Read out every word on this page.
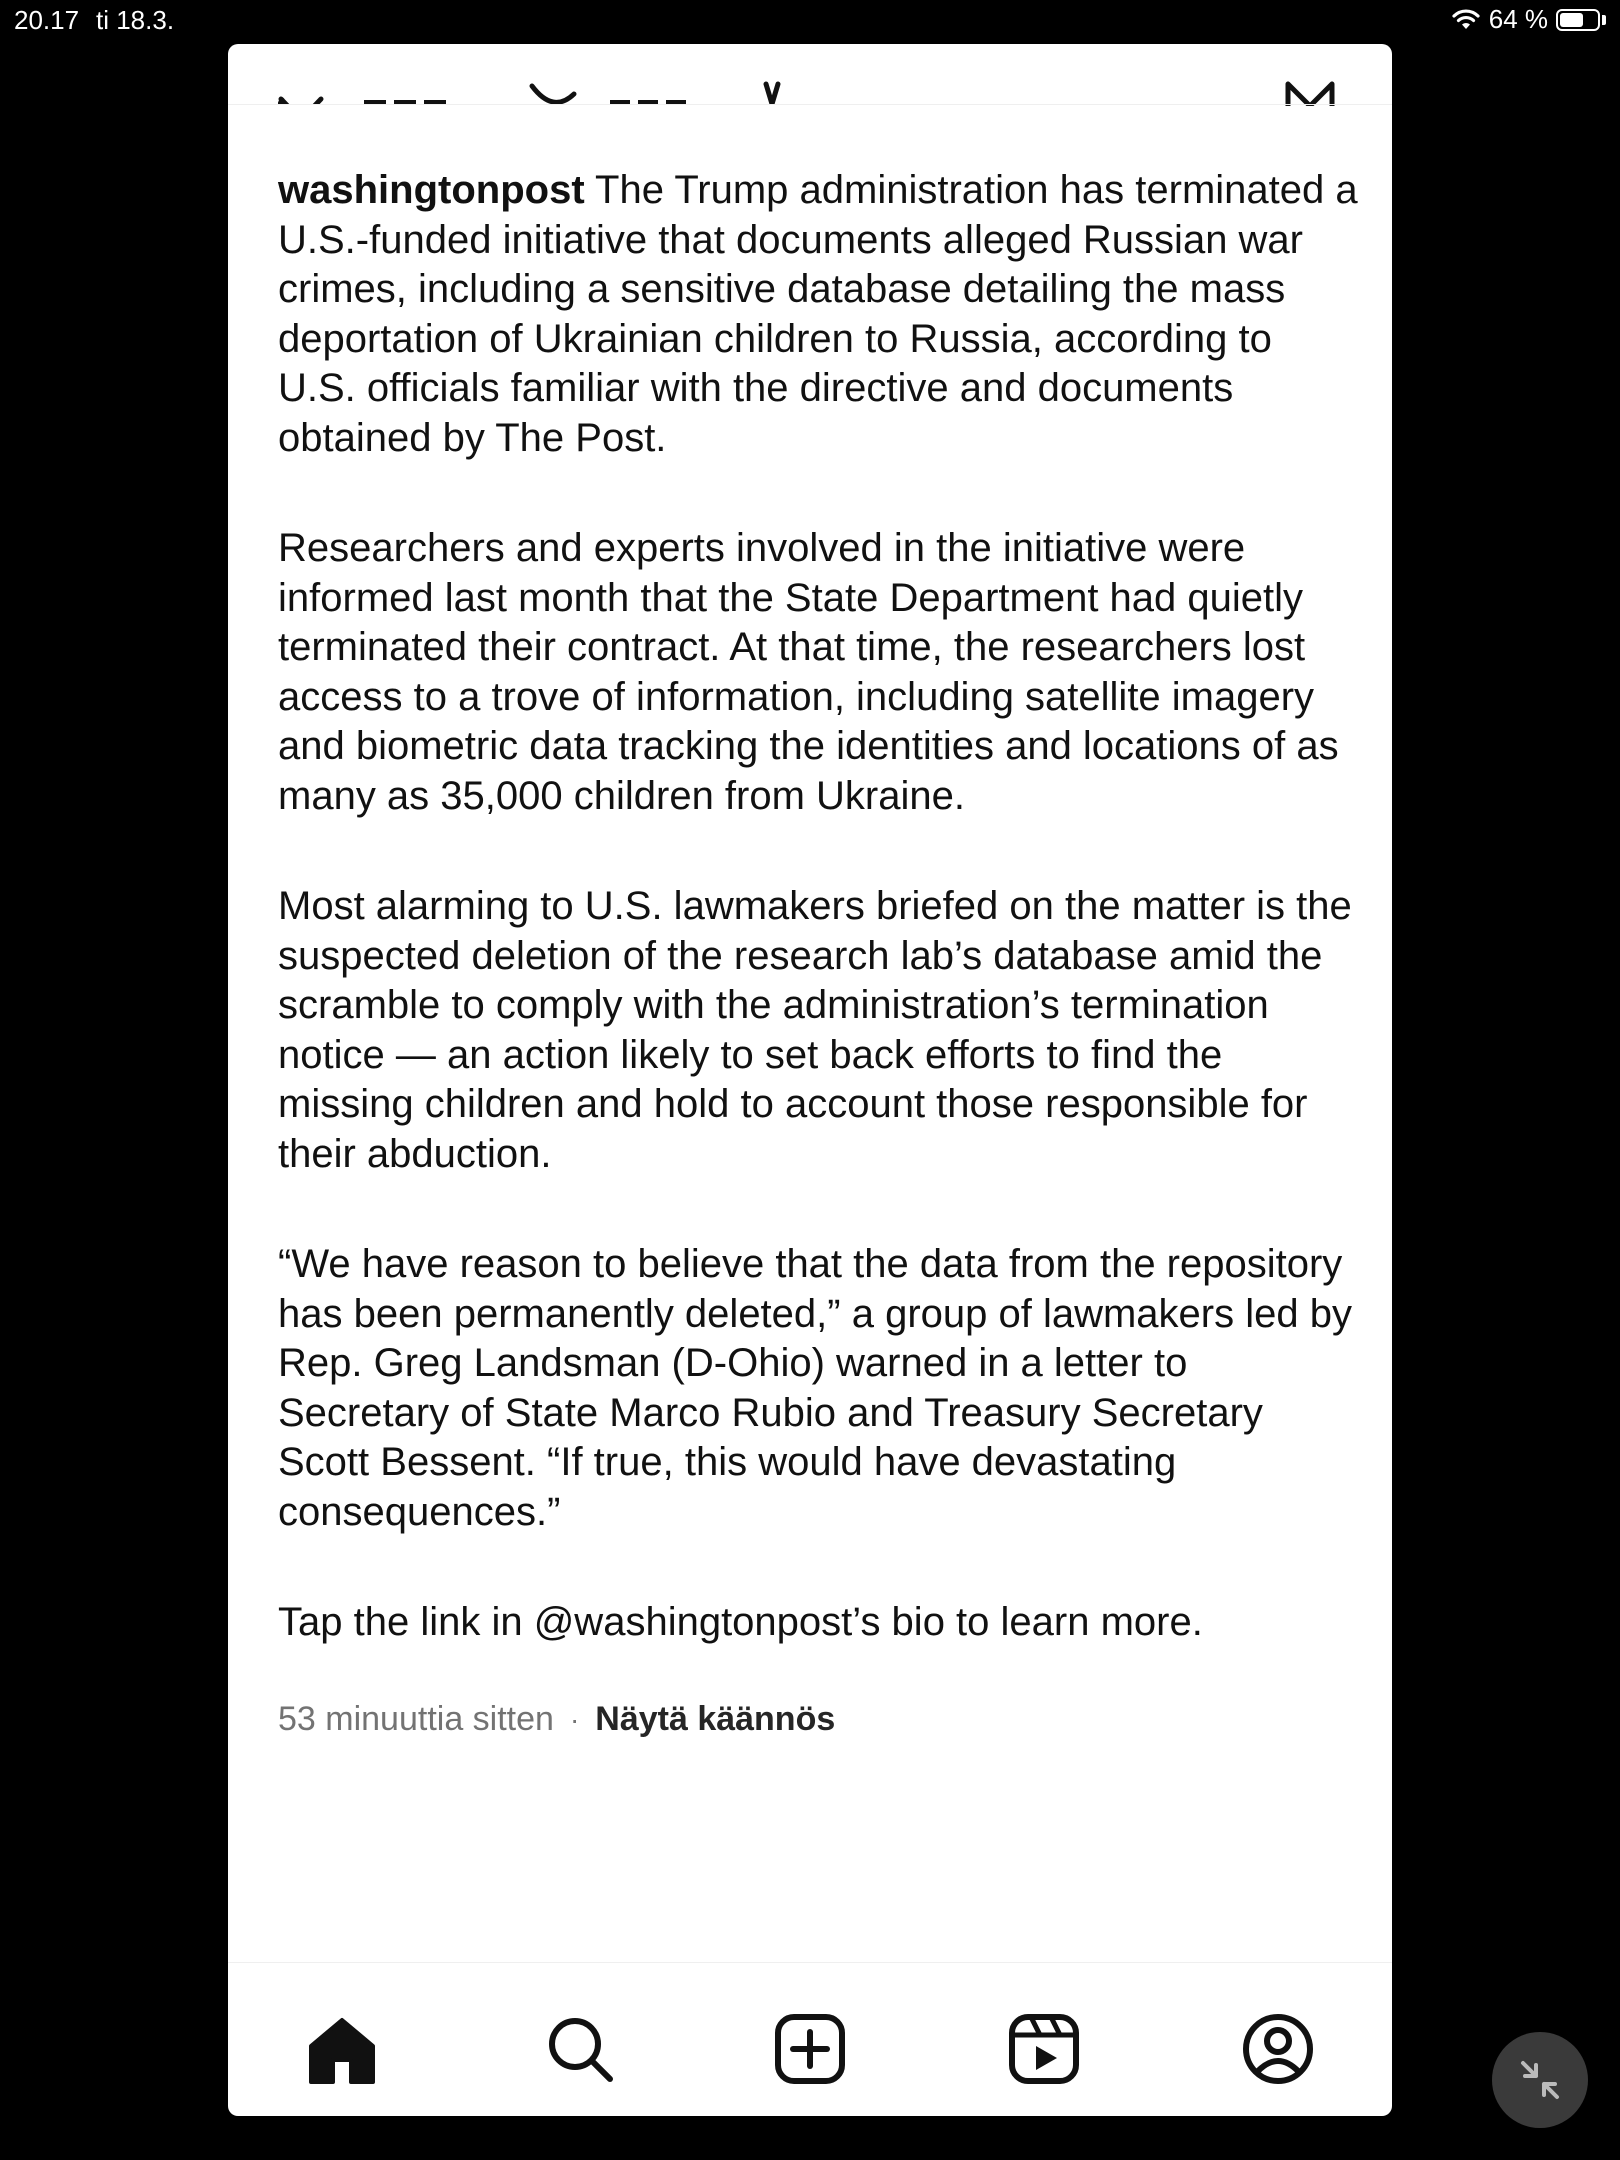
20.17 ti 18.3.	64 %

washingtonpost The Trump administration has terminated a U.S.-funded initiative that documents alleged Russian war crimes, including a sensitive database detailing the mass deportation of Ukrainian children to Russia, according to U.S. officials familiar with the directive and documents obtained by The Post.

Researchers and experts involved in the initiative were informed last month that the State Department had quietly terminated their contract. At that time, the researchers lost access to a trove of information, including satellite imagery and biometric data tracking the identities and locations of as many as 35,000 children from Ukraine.

Most alarming to U.S. lawmakers briefed on the matter is the suspected deletion of the research lab’s database amid the scramble to comply with the administration’s termination notice — an action likely to set back efforts to find the missing children and hold to account those responsible for their abduction.

“We have reason to believe that the data from the repository has been permanently deleted,” a group of lawmakers led by Rep. Greg Landsman (D-Ohio) warned in a letter to Secretary of State Marco Rubio and Treasury Secretary Scott Bessent. “If true, this would have devastating consequences.”

Tap the link in @washingtonpost’s bio to learn more.

53 minuuttia sitten · Näytä käännös
